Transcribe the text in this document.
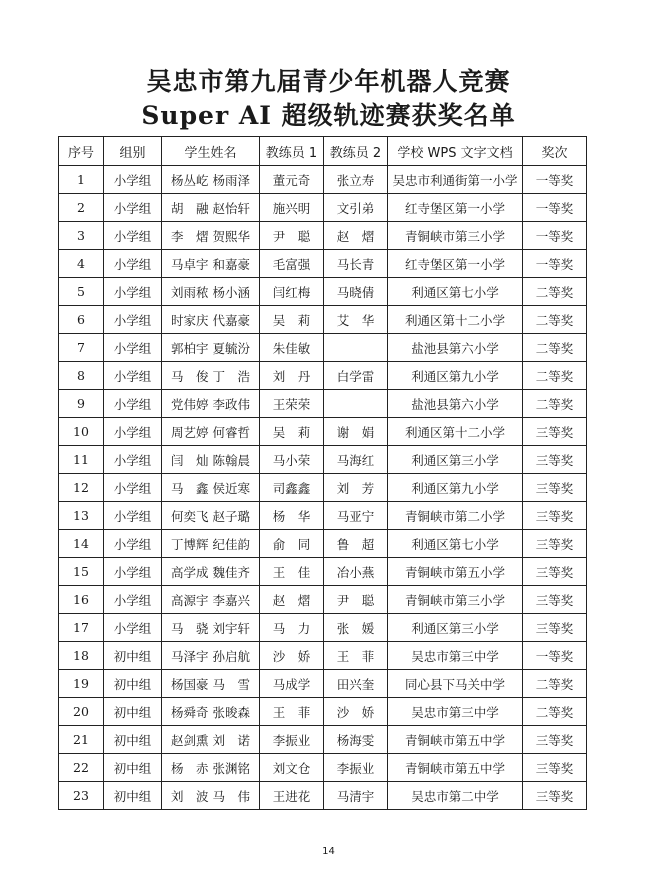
吴忠市第九届青少年机器人竞赛
Super AI 超级轨迹赛获奖名单
序号	组别	学生姓名	教练员 1	教练员 2	学校 WPS 文字文档	奖次
1	小学组	杨丛屹 杨雨泽	董元奇	张立寿	吴忠市利通街第一小学	一等奖
2	小学组	胡　融 赵怡轩	施兴明	文引弟	红寺堡区第一小学	一等奖
3	小学组	李　熠 贺熙华	尹　聪	赵　熠	青铜峡市第三小学	一等奖
4	小学组	马卓宇 和嘉豪	毛富强	马长青	红寺堡区第一小学	一等奖
5	小学组	刘雨秾 杨小涵	闫红梅	马晓倩	利通区第七小学	二等奖
6	小学组	时家庆 代嘉豪	吴　莉	艾　华	利通区第十二小学	二等奖
7	小学组	郭柏宇 夏毓汾	朱佳敏		盐池县第六小学	二等奖
8	小学组	马　俊 丁　浩	刘　丹	白学雷	利通区第九小学	二等奖
9	小学组	党伟婷 李政伟	王荣荣		盐池县第六小学	二等奖
10	小学组	周艺婷 何睿哲	吴　莉	谢　娟	利通区第十二小学	三等奖
11	小学组	闫　灿 陈翰晨	马小荣	马海红	利通区第三小学	三等奖
12	小学组	马　鑫 侯近寒	司鑫鑫	刘　芳	利通区第九小学	三等奖
13	小学组	何奕飞 赵子璐	杨　华	马亚宁	青铜峡市第二小学	三等奖
14	小学组	丁博辉 纪佳韵	俞　同	鲁　超	利通区第七小学	三等奖
15	小学组	高学成 魏佳齐	王　佳	冶小燕	青铜峡市第五小学	三等奖
16	小学组	高源宇 李嘉兴	赵　熠	尹　聪	青铜峡市第三小学	三等奖
17	小学组	马　骁 刘宇轩	马　力	张　媛	利通区第三小学	三等奖
18	初中组	马泽宇 孙启航	沙　娇	王　菲	吴忠市第三中学	一等奖
19	初中组	杨国豪 马　雪	马成学	田兴奎	同心县下马关中学	二等奖
20	初中组	杨舜奇 张晙森	王　菲	沙　娇	吴忠市第三中学	二等奖
21	初中组	赵剑熏 刘　诺	李振业	杨海雯	青铜峡市第五中学	三等奖
22	初中组	杨　赤 张渊铭	刘文仓	李振业	青铜峡市第五中学	三等奖
23	初中组	刘　波 马　伟	王进花	马清宇	吴忠市第二中学	三等奖
14
